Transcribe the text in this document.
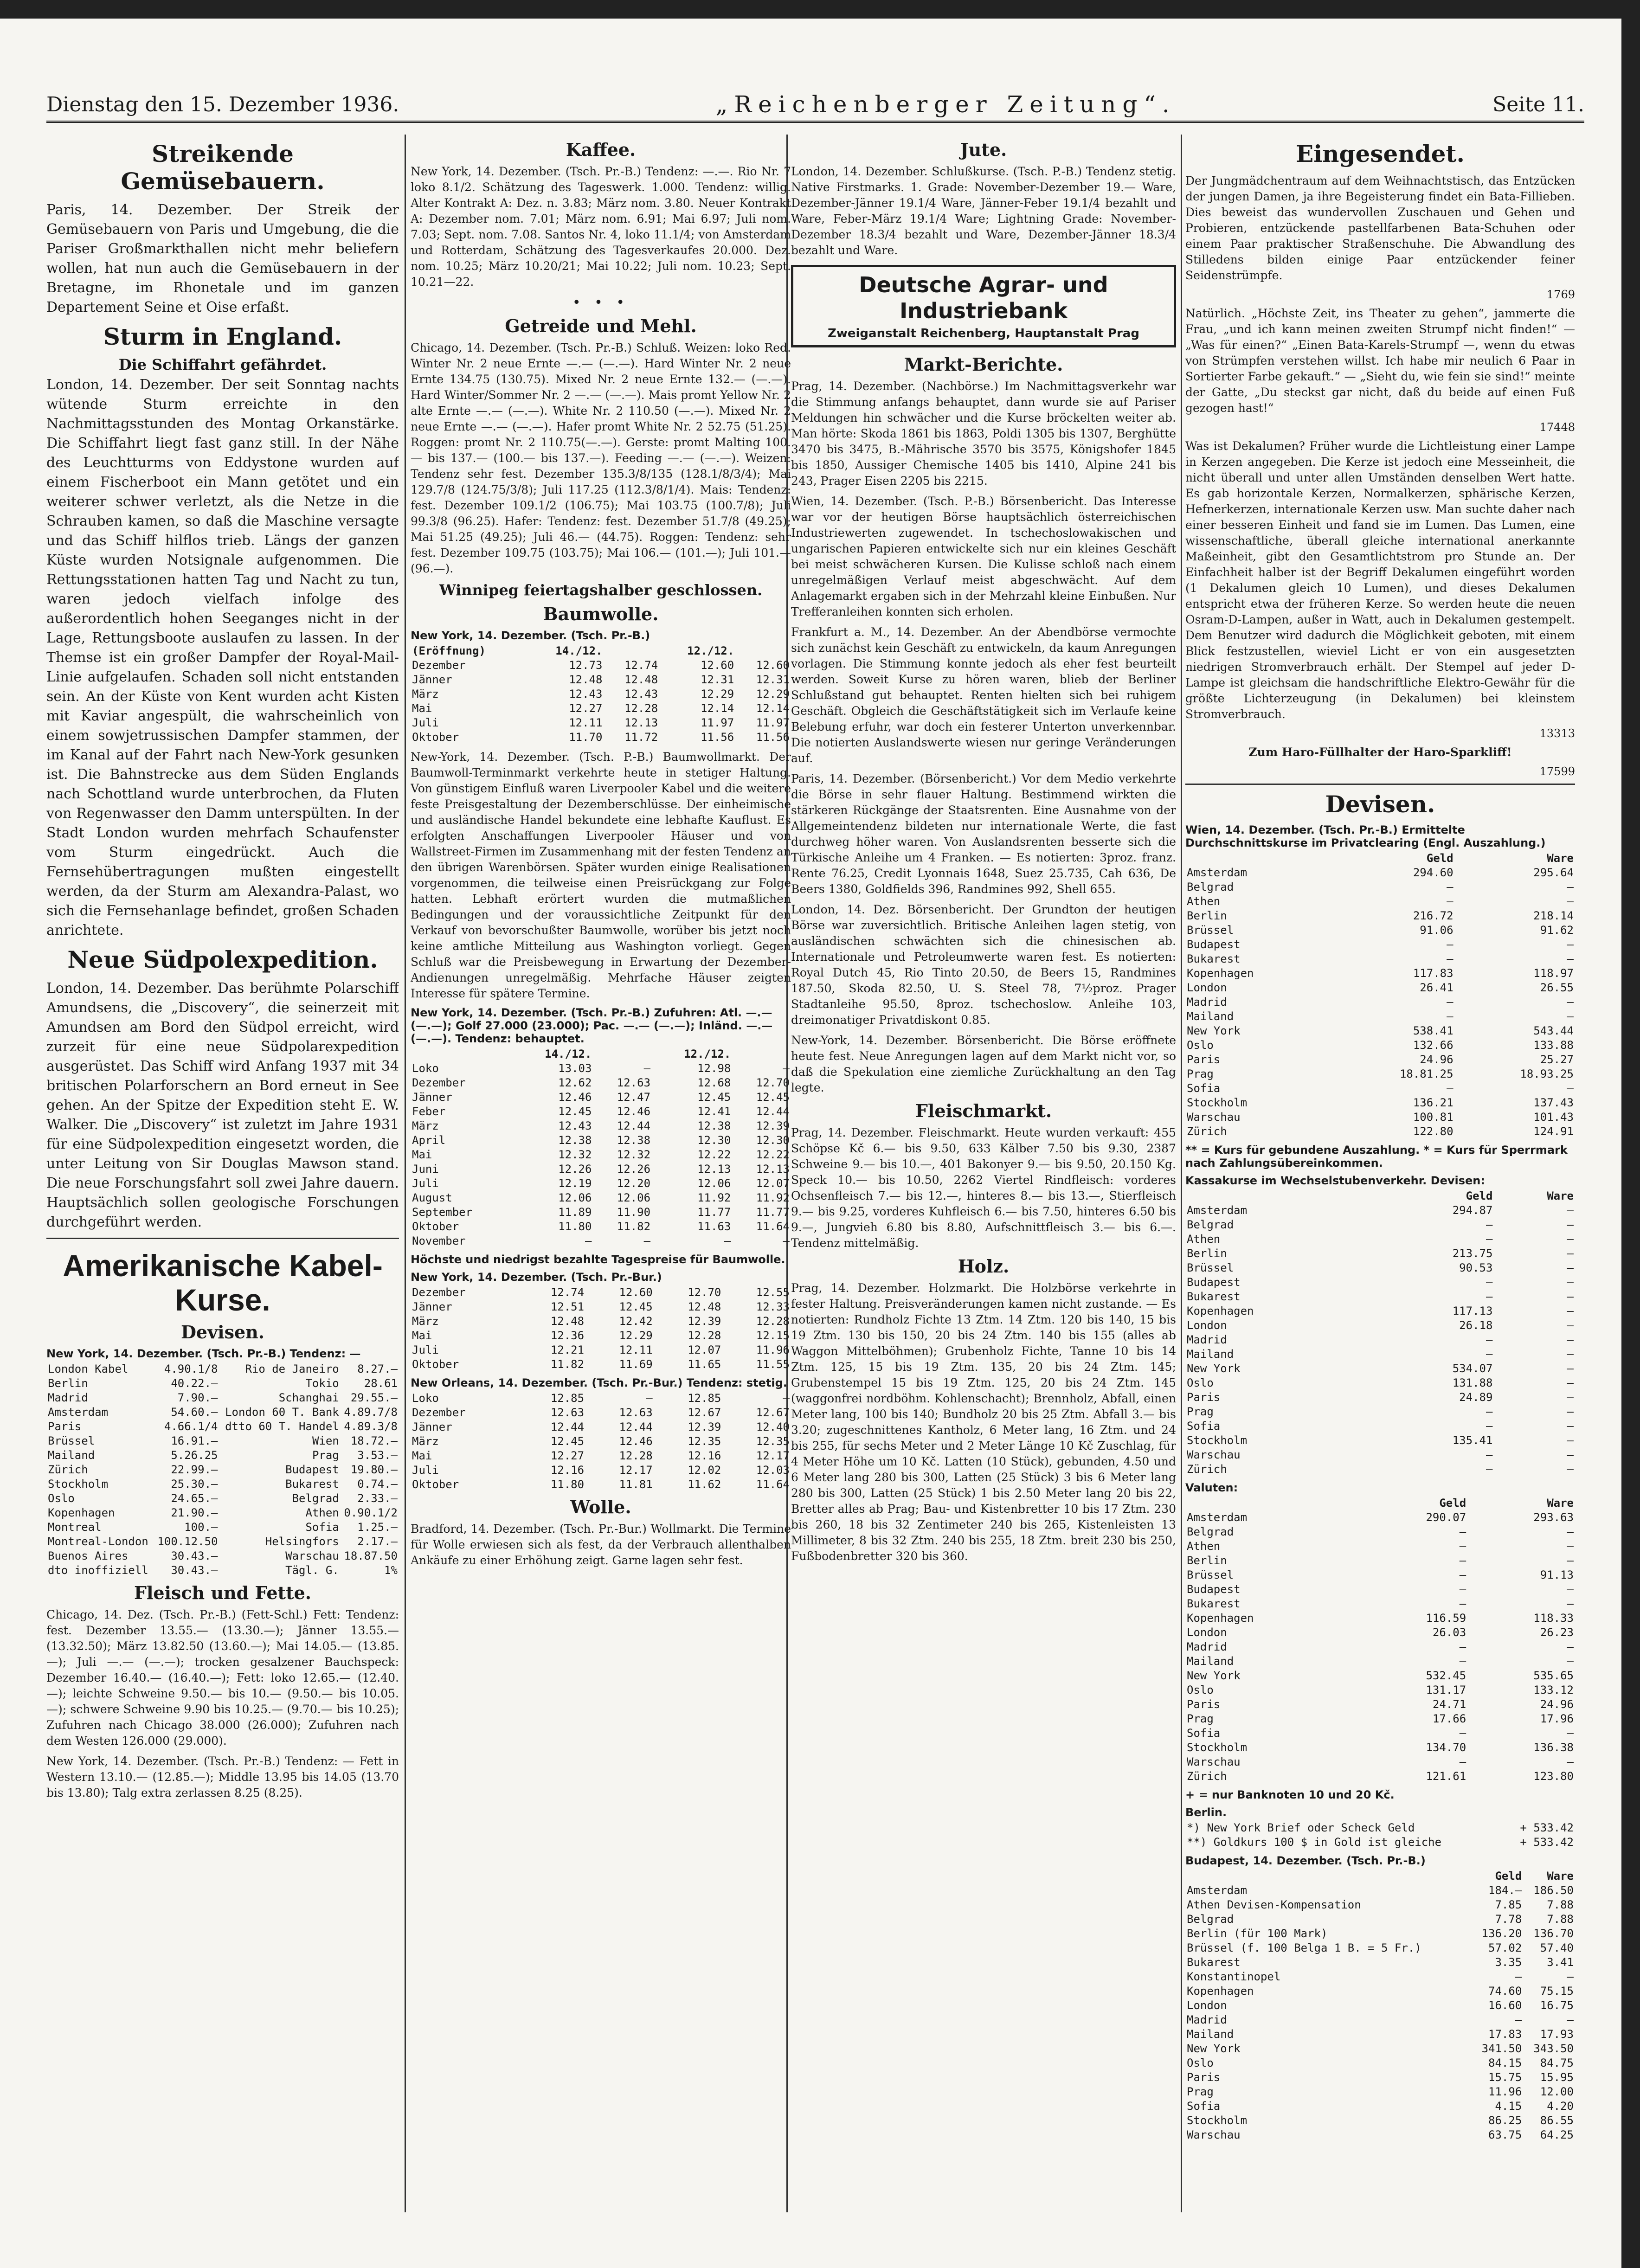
Dienstag den 15. Dezember 1936.	„Reichenberger Zeitung“.	Seite 11.
Streikende Gemüsebauern.

Paris, 14. Dezember. Der Streik der Gemüsebauern von Paris und Umgebung, die die Pariser Großmarkthallen nicht mehr beliefern wollen, hat nun auch die Gemüsebauern in der Bretagne, im Rhonetale und im ganzen Departement Seine et Oise erfaßt.

Sturm in England.
Die Schiffahrt gefährdet.

London, 14. Dezember. Der seit Sonntag nachts wütende Sturm erreichte in den Nachmittagsstunden des Montag Orkanstärke. Die Schiffahrt liegt fast ganz still. In der Nähe des Leuchtturms von Eddystone wurden auf einem Fischerboot ein Mann getötet und ein weiterer schwer verletzt, als die Netze in die Schrauben kamen, so daß die Maschine versagte und das Schiff hilflos trieb. Längs der ganzen Küste wurden Notsignale aufgenommen. Die Rettungsstationen hatten Tag und Nacht zu tun, waren jedoch vielfach infolge des außerordentlich hohen Seeganges nicht in der Lage, Rettungsboote auslaufen zu lassen. In der Themse ist ein großer Dampfer der Royal-Mail-Linie aufgelaufen. Schaden soll nicht entstanden sein. An der Küste von Kent wurden acht Kisten mit Kaviar angespült, die wahrscheinlich von einem sowjetrussischen Dampfer stammen, der im Kanal auf der Fahrt nach New-York gesunken ist. Die Bahnstrecke aus dem Süden Englands nach Schottland wurde unterbrochen, da Fluten von Regenwasser den Damm unterspülten. In der Stadt London wurden mehrfach Schaufenster vom Sturm eingedrückt. Auch die Fernsehübertragungen mußten eingestellt werden, da der Sturm am Alexandra-Palast, wo sich die Fernsehanlage befindet, großen Schaden anrichtete.

Neue Südpolexpedition.

London, 14. Dezember. Das berühmte Polarschiff Amundsens, die „Discovery“, die seinerzeit mit Amundsen am Bord den Südpol erreicht, wird zurzeit für eine neue Südpolarexpedition ausgerüstet. Das Schiff wird Anfang 1937 mit 34 britischen Polarforschern an Bord erneut in See gehen. An der Spitze der Expedition steht E. W. Walker. Die „Discovery“ ist zuletzt im Jahre 1931 für eine Südpolexpedition eingesetzt worden, die unter Leitung von Sir Douglas Mawson stand. Die neue Forschungsfahrt soll zwei Jahre dauern. Hauptsächlich sollen geologische Forschungen durchgeführt werden.

Amerikanische Kabel-Kurse.
Devisen.
New York, 14. Dezember. (Tsch. Pr.-B.) Tendenz: —
London Kabel	4.90.1/8	Rio de Janeiro	8.27.—
Berlin	40.22.—	Tokio	28.61
Madrid	7.90.—	Schanghai	29.55.—
Amsterdam	54.60.—	London 60 T. Bank	4.89.7/8
Paris	4.66.1/4	dtto 60 T. Handel	4.89.3/8
Brüssel	16.91.—	Wien	18.72.—
Mailand	5.26.25	Prag	3.53.—
Zürich	22.99.—	Budapest	19.80.—
Stockholm	25.30.—	Bukarest	0.74.—
Oslo	24.65.—	Belgrad	2.33.—
Kopenhagen	21.90.—	Athen	0.90.1/2
Montreal	100.—	Sofia	1.25.—
Montreal-London	100.12.50	Helsingfors	2.17.—
Buenos Aires	30.43.—	Warschau	18.87.50
dto inoffiziell	30.43.—	Tägl. G.	1%
Fleisch und Fette.

Chicago, 14. Dez. (Tsch. Pr.-B.) (Fett-Schl.) Fett: Tendenz: fest. Dezember 13.55.— (13.30.—); Jänner 13.55.— (13.32.50); März 13.82.50 (13.60.—); Mai 14.05.— (13.85.—); Juli —.— (—.—); trocken gesalzener Bauchspeck: Dezember 16.40.— (16.40.—); Fett: loko 12.65.— (12.40.—); leichte Schweine 9.50.— bis 10.— (9.50.— bis 10.05.—); schwere Schweine 9.90 bis 10.25.— (9.70.— bis 10.25); Zufuhren nach Chicago 38.000 (26.000); Zufuhren nach dem Westen 126.000 (29.000).

New York, 14. Dezember. (Tsch. Pr.-B.) Tendenz: — Fett in Western 13.10.— (12.85.—); Middle 13.95 bis 14.05 (13.70 bis 13.80); Talg extra zerlassen 8.25 (8.25).

Kaffee.

New York, 14. Dezember. (Tsch. Pr.-B.) Tendenz: —.—. Rio Nr. 7 loko 8.1/2. Schätzung des Tageswerk. 1.000. Tendenz: willig. Alter Kontrakt A: Dez. n. 3.83; März nom. 3.80. Neuer Kontrakt A: Dezember nom. 7.01; März nom. 6.91; Mai 6.97; Juli nom. 7.03; Sept. nom. 7.08. Santos Nr. 4, loko 11.1/4; von Amsterdam und Rotterdam, Schätzung des Tagesverkaufes 20.000. Dez. nom. 10.25; März 10.20/21; Mai 10.22; Juli nom. 10.23; Sept. 10.21—22.

• • •
Getreide und Mehl.

Chicago, 14. Dezember. (Tsch. Pr.-B.) Schluß. Weizen: loko Red. Winter Nr. 2 neue Ernte —.— (—.—). Hard Winter Nr. 2 neue Ernte 134.75 (130.75). Mixed Nr. 2 neue Ernte 132.— (—.—). Hard Winter/Sommer Nr. 2 —.— (—.—). Mais promt Yellow Nr. 2 alte Ernte —.— (—.—). White Nr. 2 110.50 (—.—). Mixed Nr. 2 neue Ernte —.— (—.—). Hafer promt White Nr. 2 52.75 (51.25). Roggen: promt Nr. 2 110.75(—.—). Gerste: promt Malting 100.— bis 137.— (100.— bis 137.—). Feeding —.— (—.—). Weizen: Tendenz sehr fest. Dezember 135.3/8/135 (128.1/8/3/4); Mai 129.7/8 (124.75/3/8); Juli 117.25 (112.3/8/1/4). Mais: Tendenz: fest. Dezember 109.1/2 (106.75); Mai 103.75 (100.7/8); Juli 99.3/8 (96.25). Hafer: Tendenz: fest. Dezember 51.7/8 (49.25); Mai 51.25 (49.25); Juli 46.— (44.75). Roggen: Tendenz: sehr fest. Dezember 109.75 (103.75); Mai 106.— (101.—); Juli 101.— (96.—).

Winnipeg feiertagshalber geschlossen.
Baumwolle.
New York, 14. Dezember. (Tsch. Pr.-B.)
(Eröffnung)	14./12.		12./12.	
Dezember	12.73	12.74	12.60	12.60
Jänner	12.48	12.48	12.31	12.31
März	12.43	12.43	12.29	12.29
Mai	12.27	12.28	12.14	12.14
Juli	12.11	12.13	11.97	11.97
Oktober	11.70	11.72	11.56	11.56

New-York, 14. Dezember. (Tsch. P.-B.) Baumwollmarkt. Der Baumwoll-Terminmarkt verkehrte heute in stetiger Haltung. Von günstigem Einfluß waren Liverpooler Kabel und die weitere feste Preisgestaltung der Dezemberschlüsse. Der einheimische und ausländische Handel bekundete eine lebhafte Kauflust. Es erfolgten Anschaffungen Liverpooler Häuser und von Wallstreet-Firmen im Zusammenhang mit der festen Tendenz an den übrigen Warenbörsen. Später wurden einige Realisationen vorgenommen, die teilweise einen Preisrückgang zur Folge hatten. Lebhaft erörtert wurden die mutmaßlichen Bedingungen und der voraussichtliche Zeitpunkt für den Verkauf von bevorschußter Baumwolle, worüber bis jetzt noch keine amtliche Mitteilung aus Washington vorliegt. Gegen Schluß war die Preisbewegung in Erwartung der Dezember-Andienungen unregelmäßig. Mehrfache Häuser zeigten Interesse für spätere Termine.

New York, 14. Dezember. (Tsch. Pr.-B.) Zufuhren: Atl. —.— (—.—); Golf 27.000 (23.000); Pac. —.— (—.—); Inländ. —.— (—.—). Tendenz: behauptet.
	14./12.		12./12.	
Loko	13.03	—	12.98	—
Dezember	12.62	12.63	12.68	12.70
Jänner	12.46	12.47	12.45	12.45
Feber	12.45	12.46	12.41	12.44
März	12.43	12.44	12.38	12.39
April	12.38	12.38	12.30	12.30
Mai	12.32	12.32	12.22	12.22
Juni	12.26	12.26	12.13	12.13
Juli	12.19	12.20	12.06	12.07
August	12.06	12.06	11.92	11.92
September	11.89	11.90	11.77	11.77
Oktober	11.80	11.82	11.63	11.64
November	—	—	—	—
Höchste und niedrigst bezahlte Tagespreise für Baumwolle.
New York, 14. Dezember. (Tsch. Pr.-Bur.)
Dezember	12.74	12.60	12.70	12.55
Jänner	12.51	12.45	12.48	12.33
März	12.48	12.42	12.39	12.28
Mai	12.36	12.29	12.28	12.15
Juli	12.21	12.11	12.07	11.96
Oktober	11.82	11.69	11.65	11.55
New Orleans, 14. Dezember. (Tsch. Pr.-Bur.) Tendenz: stetig.
Loko	12.85	—	12.85	—
Dezember	12.63	12.63	12.67	12.67
Jänner	12.44	12.44	12.39	12.40
März	12.45	12.46	12.35	12.35
Mai	12.27	12.28	12.16	12.17
Juli	12.16	12.17	12.02	12.03
Oktober	11.80	11.81	11.62	11.64
Wolle.

Bradford, 14. Dezember. (Tsch. Pr.-Bur.) Wollmarkt. Die Termine für Wolle erwiesen sich als fest, da der Verbrauch allenthalben Ankäufe zu einer Erhöhung zeigt. Garne lagen sehr fest.

Jute.

London, 14. Dezember. Schlußkurse. (Tsch. P.-B.) Tendenz stetig. Native Firstmarks. 1. Grade: November-Dezember 19.— Ware, Dezember-Jänner 19.1/4 Ware, Jänner-Feber 19.1/4 bezahlt und Ware, Feber-März 19.1/4 Ware; Lightning Grade: November-Dezember 18.3/4 bezahlt und Ware, Dezember-Jänner 18.3/4 bezahlt und Ware.

Deutsche Agrar- und Industriebank
Zweiganstalt Reichenberg, Hauptanstalt Prag
Markt-Berichte.

Prag, 14. Dezember. (Nachbörse.) Im Nachmittagsverkehr war die Stimmung anfangs behauptet, dann wurde sie auf Pariser Meldungen hin schwächer und die Kurse bröckelten weiter ab. Man hörte: Skoda 1861 bis 1863, Poldi 1305 bis 1307, Berghütte 3470 bis 3475, B.-Mährische 3570 bis 3575, Königshofer 1845 bis 1850, Aussiger Chemische 1405 bis 1410, Alpine 241 bis 243, Prager Eisen 2205 bis 2215.

Wien, 14. Dezember. (Tsch. P.-B.) Börsenbericht. Das Interesse war vor der heutigen Börse hauptsächlich österreichischen Industriewerten zugewendet. In tschechoslowakischen und ungarischen Papieren entwickelte sich nur ein kleines Geschäft bei meist schwächeren Kursen. Die Kulisse schloß nach einem unregelmäßigen Verlauf meist abgeschwächt. Auf dem Anlagemarkt ergaben sich in der Mehrzahl kleine Einbußen. Nur Trefferanleihen konnten sich erholen.

Frankfurt a. M., 14. Dezember. An der Abendbörse vermochte sich zunächst kein Geschäft zu entwickeln, da kaum Anregungen vorlagen. Die Stimmung konnte jedoch als eher fest beurteilt werden. Soweit Kurse zu hören waren, blieb der Berliner Schlußstand gut behauptet. Renten hielten sich bei ruhigem Geschäft. Obgleich die Geschäftstätigkeit sich im Verlaufe keine Belebung erfuhr, war doch ein festerer Unterton unverkennbar. Die notierten Auslandswerte wiesen nur geringe Veränderungen auf.

Paris, 14. Dezember. (Börsenbericht.) Vor dem Medio verkehrte die Börse in sehr flauer Haltung. Bestimmend wirkten die stärkeren Rückgänge der Staatsrenten. Eine Ausnahme von der Allgemeintendenz bildeten nur internationale Werte, die fast durchweg höher waren. Von Auslandsrenten besserte sich die Türkische Anleihe um 4 Franken. — Es notierten: 3proz. franz. Rente 76.25, Credit Lyonnais 1648, Suez 25.735, Cah 636, De Beers 1380, Goldfields 396, Randmines 992, Shell 655.

London, 14. Dez. Börsenbericht. Der Grundton der heutigen Börse war zuversichtlich. Britische Anleihen lagen stetig, von ausländischen schwächten sich die chinesischen ab. Internationale und Petroleumwerte waren fest. Es notierten: Royal Dutch 45, Rio Tinto 20.50, de Beers 15, Randmines 187.50, Skoda 82.50, U. S. Steel 78, 7½proz. Prager Stadtanleihe 95.50, 8proz. tschechoslow. Anleihe 103, dreimonatiger Privatdiskont 0.85.

New-York, 14. Dezember. Börsenbericht. Die Börse eröffnete heute fest. Neue Anregungen lagen auf dem Markt nicht vor, so daß die Spekulation eine ziemliche Zurückhaltung an den Tag legte.

Fleischmarkt.

Prag, 14. Dezember. Fleischmarkt. Heute wurden verkauft: 455 Schöpse Kč 6.— bis 9.50, 633 Kälber 7.50 bis 9.30, 2387 Schweine 9.— bis 10.—, 401 Bakonyer 9.— bis 9.50, 20.150 Kg. Speck 10.— bis 10.50, 2262 Viertel Rindfleisch: vorderes Ochsenfleisch 7.— bis 12.—, hinteres 8.— bis 13.—, Stierfleisch 9.— bis 9.25, vorderes Kuhfleisch 6.— bis 7.50, hinteres 6.50 bis 9.—, Jungvieh 6.80 bis 8.80, Aufschnittfleisch 3.— bis 6.—. Tendenz mittelmäßig.

Holz.

Prag, 14. Dezember. Holzmarkt. Die Holzbörse verkehrte in fester Haltung. Preisveränderungen kamen nicht zustande. — Es notierten: Rundholz Fichte 13 Ztm. 14 Ztm. 120 bis 140, 15 bis 19 Ztm. 130 bis 150, 20 bis 24 Ztm. 140 bis 155 (alles ab Waggon Mittelböhmen); Grubenholz Fichte, Tanne 10 bis 14 Ztm. 125, 15 bis 19 Ztm. 135, 20 bis 24 Ztm. 145; Grubenstempel 15 bis 19 Ztm. 125, 20 bis 24 Ztm. 145 (waggonfrei nordböhm. Kohlenschacht); Brennholz, Abfall, einen Meter lang, 100 bis 140; Bundholz 20 bis 25 Ztm. Abfall 3.— bis 3.20; zugeschnittenes Kantholz, 6 Meter lang, 16 Ztm. und 24 bis 255, für sechs Meter und 2 Meter Länge 10 Kč Zuschlag, für 4 Meter Höhe um 10 Kč. Latten (10 Stück), gebunden, 4.50 und 6 Meter lang 280 bis 300, Latten (25 Stück) 3 bis 6 Meter lang 280 bis 300, Latten (25 Stück) 1 bis 2.50 Meter lang 20 bis 22, Bretter alles ab Prag; Bau- und Kistenbretter 10 bis 17 Ztm. 230 bis 260, 18 bis 32 Zentimeter 240 bis 265, Kistenleisten 13 Millimeter, 8 bis 32 Ztm. 240 bis 255, 18 Ztm. breit 230 bis 250, Fußbodenbretter 320 bis 360.

Eingesendet.

Der Jungmädchentraum auf dem Weihnachtstisch, das Entzücken der jungen Damen, ja ihre Begeisterung findet ein Bata-Fillieben. Dies beweist das wundervollen Zuschauen und Gehen und Probieren, entzückende pastellfarbenen Bata-Schuhen oder einem Paar praktischer Straßenschuhe. Die Abwandlung des Stilledens bilden einige Paar entzückender feiner Seidenstrümpfe.

1769

Natürlich. „Höchste Zeit, ins Theater zu gehen“, jammerte die Frau, „und ich kann meinen zweiten Strumpf nicht finden!“ — „Was für einen?“ „Einen Bata-Karels-Strumpf —, wenn du etwas von Strümpfen verstehen willst. Ich habe mir neulich 6 Paar in Sortierter Farbe gekauft.“ — „Sieht du, wie fein sie sind!“ meinte der Gatte, „Du steckst gar nicht, daß du beide auf einen Fuß gezogen hast!“

17448

Was ist Dekalumen? Früher wurde die Lichtleistung einer Lampe in Kerzen angegeben. Die Kerze ist jedoch eine Messeinheit, die nicht überall und unter allen Umständen denselben Wert hatte. Es gab horizontale Kerzen, Normalkerzen, sphärische Kerzen, Hefnerkerzen, internationale Kerzen usw. Man suchte daher nach einer besseren Einheit und fand sie im Lumen. Das Lumen, eine wissenschaftliche, überall gleiche international anerkannte Maßeinheit, gibt den Gesamtlichtstrom pro Stunde an. Der Einfachheit halber ist der Begriff Dekalumen eingeführt worden (1 Dekalumen gleich 10 Lumen), und dieses Dekalumen entspricht etwa der früheren Kerze. So werden heute die neuen Osram-D-Lampen, außer in Watt, auch in Dekalumen gestempelt. Dem Benutzer wird dadurch die Möglichkeit geboten, mit einem Blick festzustellen, wieviel Licht er von ein ausgesetzten niedrigen Stromverbrauch erhält. Der Stempel auf jeder D-Lampe ist gleichsam die handschriftliche Elektro-Gewähr für die größte Lichterzeugung (in Dekalumen) bei kleinstem Stromverbrauch.

13313

Zum Haro-Füllhalter der Haro-Sparkliff!

17599
Devisen.
Wien, 14. Dezember. (Tsch. Pr.-B.) Ermittelte Durchschnittskurse im Privatclearing (Engl. Auszahlung.)
	Geld	Ware
Amsterdam	294.60	295.64
Belgrad	—	—
Athen	—	—
Berlin	216.72	218.14
Brüssel	91.06	91.62
Budapest	—	—
Bukarest	—	—
Kopenhagen	117.83	118.97
London	26.41	26.55
Madrid	—	—
Mailand	—	—
New York	538.41	543.44
Oslo	132.66	133.88
Paris	24.96	25.27
Prag	18.81.25	18.93.25
Sofia	—	—
Stockholm	136.21	137.43
Warschau	100.81	101.43
Zürich	122.80	124.91
** = Kurs für gebundene Auszahlung. * = Kurs für Sperrmark nach Zahlungsübereinkommen.
Kassakurse im Wechselstubenverkehr. Devisen:
	Geld	Ware
Amsterdam	294.87	—
Belgrad	—	—
Athen	—	—
Berlin	213.75	—
Brüssel	90.53	—
Budapest	—	—
Bukarest	—	—
Kopenhagen	117.13	—
London	26.18	—
Madrid	—	—
Mailand	—	—
New York	534.07	—
Oslo	131.88	—
Paris	24.89	—
Prag	—	—
Sofia	—	—
Stockholm	135.41	—
Warschau	—	—
Zürich	—	—
Valuten:
	Geld	Ware
Amsterdam	290.07	293.63
Belgrad	—	—
Athen	—	—
Berlin	—	—
Brüssel	—	91.13
Budapest	—	—
Bukarest	—	—
Kopenhagen	116.59	118.33
London	26.03	26.23
Madrid	—	—
Mailand	—	—
New York	532.45	535.65
Oslo	131.17	133.12
Paris	24.71	24.96
Prag	17.66	17.96
Sofia	—	—
Stockholm	134.70	136.38
Warschau	—	—
Zürich	121.61	123.80
+ = nur Banknoten 10 und 20 Kč.
Berlin.
*) New York Brief oder Scheck Geld	+ 533.42
**) Goldkurs 100 $ in Gold ist gleiche	+ 533.42
Budapest, 14. Dezember. (Tsch. Pr.-B.)
	Geld	Ware
Amsterdam	184.—	186.50
Athen Devisen-Kompensation	7.85	7.88
Belgrad	7.78	7.88
Berlin (für 100 Mark)	136.20	136.70
Brüssel (f. 100 Belga 1 B. = 5 Fr.)	57.02	57.40
Bukarest	3.35	3.41
Konstantinopel	—	—
Kopenhagen	74.60	75.15
London	16.60	16.75
Madrid	—	—
Mailand	17.83	17.93
New York	341.50	343.50
Oslo	84.15	84.75
Paris	15.75	15.95
Prag	11.96	12.00
Sofia	4.15	4.20
Stockholm	86.25	86.55
Warschau	63.75	64.25
